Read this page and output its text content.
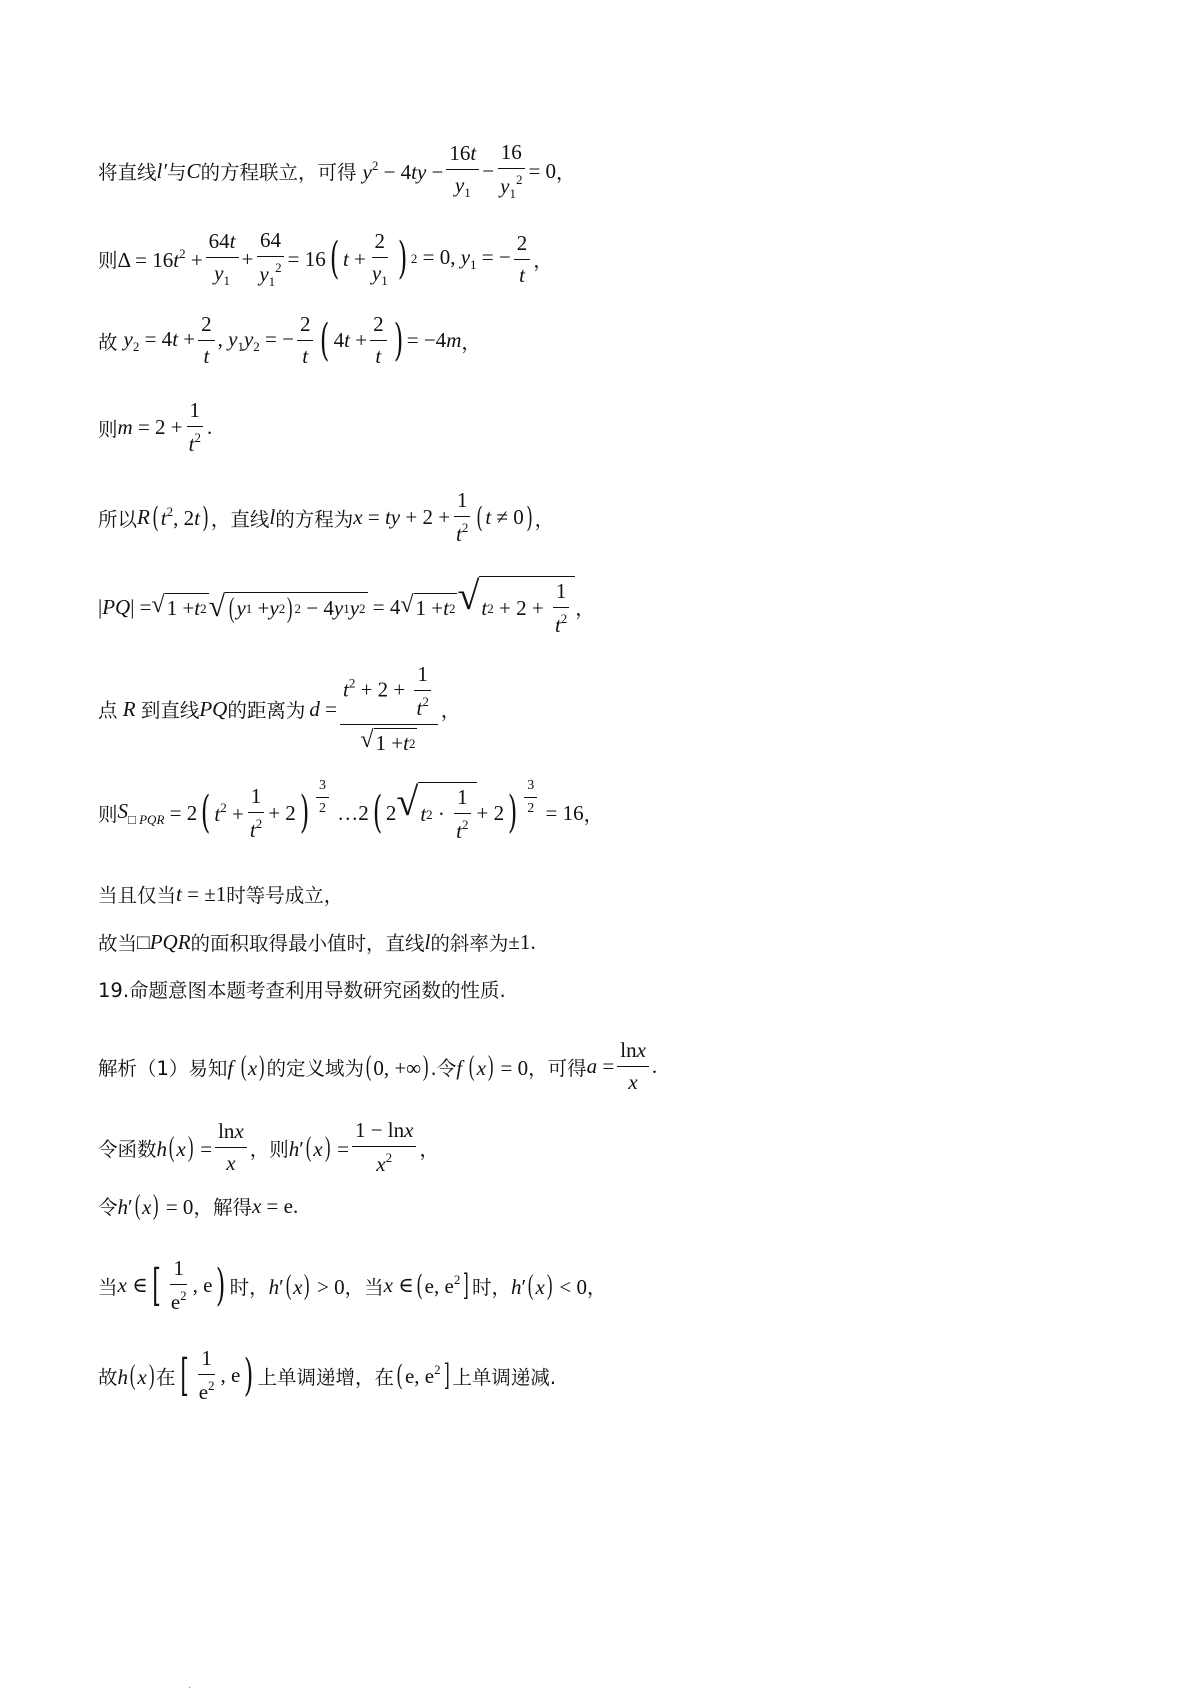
将直线 l′ 与 C 的方程联立，可得 $y^2 - 4ty - \frac{16t}{y_1} - \frac{16}{y_1^2} = 0$ ，
则 $\Delta = 16t^2 + \frac{64t}{y_1} + \frac{64}{y_1^2} = 16$ ( $t + \frac{2}{y_1}$ ) 2 = 0, $y_1$ = − $\frac{2}{t}$ ，
故 $y_2 = 4t + \frac{2}{t}$ , $y_1y_2$ = − $\frac{2}{t}$ ( $4t + \frac{2}{t}$ ) = −4m ，
则 $m = 2 + \frac{1}{t^2}$ .
所以 R ( $t^2$, 2t ) ，直线 l 的方程为 x = ty + $2 + \frac{1}{t^2}$ ( t ≠ 0 ) ，
|PQ| = √ 1 + t 2 √ ( y 1 + y 2 ) 2 − 4 y 1 y 2 = 4 √ 1 + t 2 √ t $2 + 2 + \frac{1}{t^2}$ ，
点 R 到直线 PQ 的距离为 $d = \frac{t^2 + 2 + \frac{1}{t^2}}{√ 1 + t 2}$ ，
则 $S_{□ PQR} = 2$ ( $t^2 + \frac{1}{t^2} + 2$ ) $\frac{3}{2}$ …2 ( 2 √ t $2 \cdot \frac{1}{t^2} + 2$ ) $\frac{3}{2} = 16$ ，
当且仅当 t = ±1 时等号成立，
故当 □PQR 的面积取得最小值时，直线 l 的斜率为 ±1 .
19.命题意图本题考查利用导数研究函数的性质.
解析（1）易知 f (x) 的定义域为 (0, +∞) .令 f (x) = 0 ，可得 $a = \frac{\ln x}{x}$ .
令函数 $h(x) = \frac{\ln x}{x}$ ，则 $h'(x) = \frac{1 - \ln x}{x^2}$ ，
令 h′(x) = 0 ，解得 x = e .
当 x ∈ [ $\frac{1}{e^2}$ , e ) 时， h′(x) > 0 ，当 x ∈ ( e, $e^2$ ] 时， h′(x) < 0 ，
故 h(x) 在 [ $\frac{1}{e^2}$ , e ) 上单调递增，在 ( e, $e^2$ ] 上单调递减.
.
